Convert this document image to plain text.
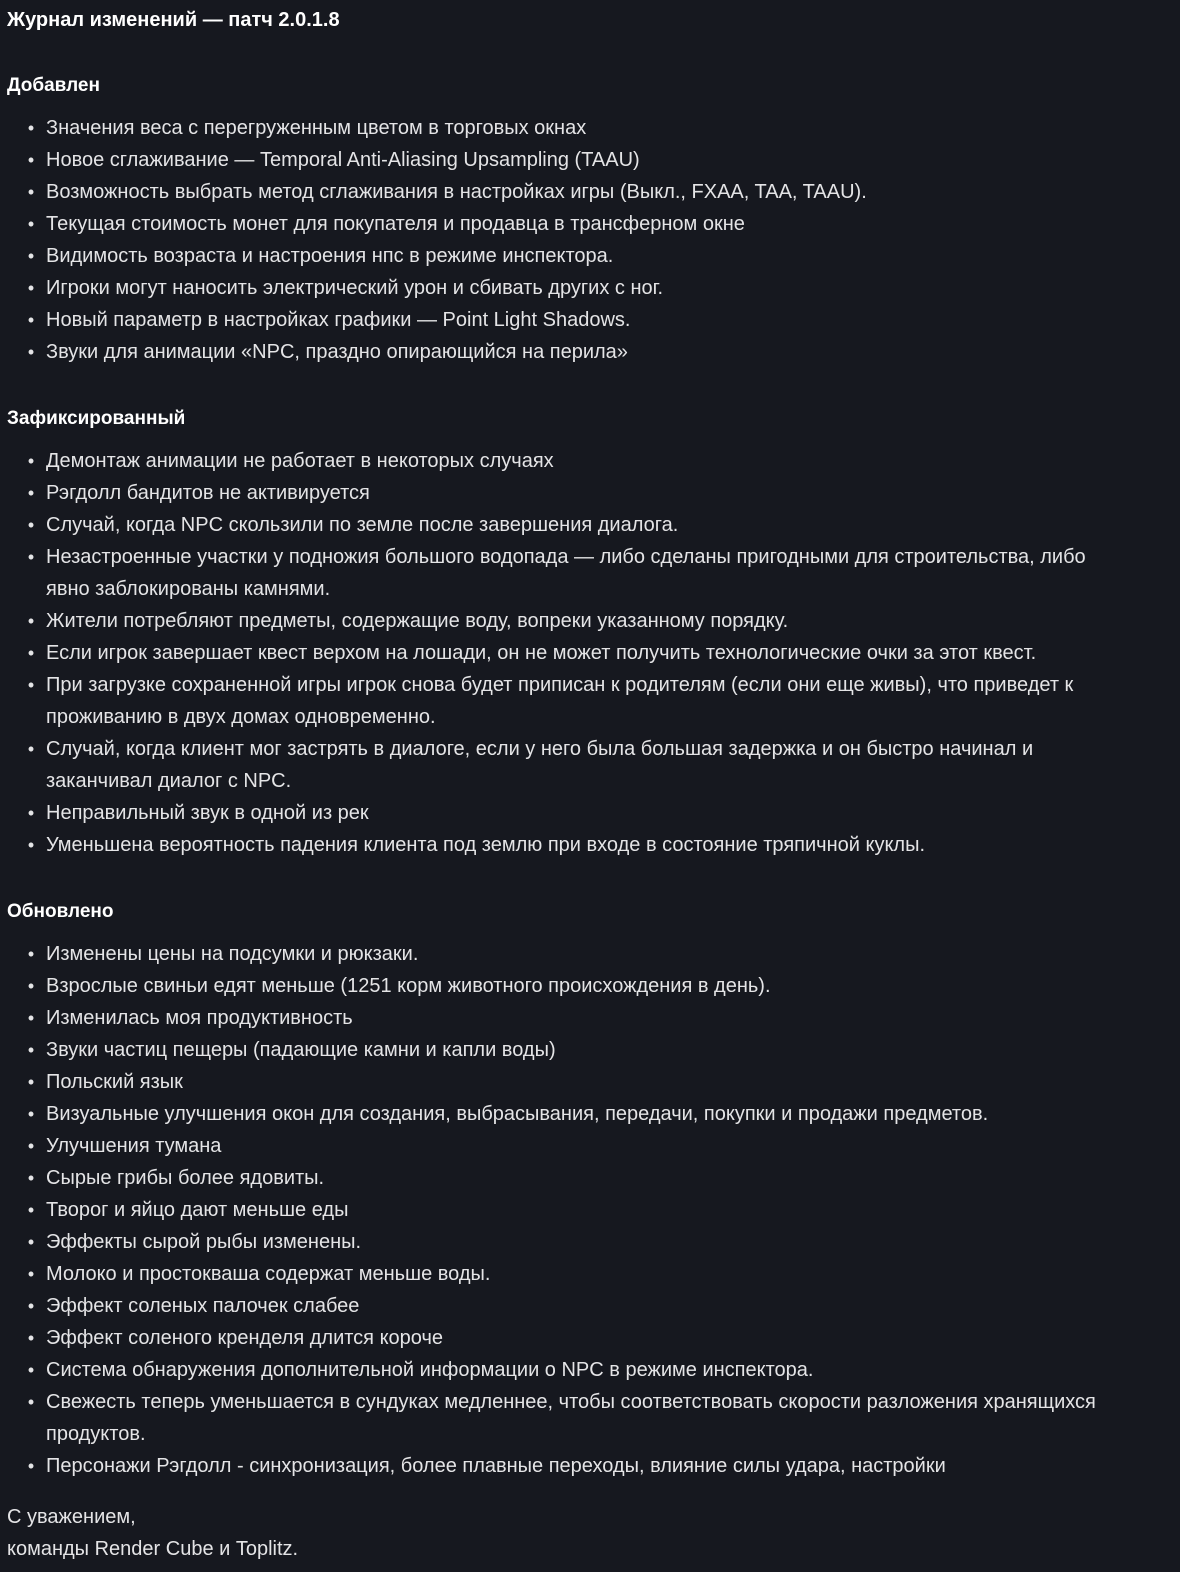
Журнал изменений — патч 2.0.1.8
Добавлен
• Значения веса с перегруженным цветом в торговых окнах
• Новое сглаживание — Temporal Anti-Aliasing Upsampling (TAAU)
• Возможность выбрать метод сглаживания в настройках игры (Выкл., FXAA, TAA, TAAU).
• Текущая стоимость монет для покупателя и продавца в трансферном окне
• Видимость возраста и настроения нпс в режиме инспектора.
• Игроки могут наносить электрический урон и сбивать других с ног.
• Новый параметр в настройках графики — Point Light Shadows.
• Звуки для анимации «NPC, праздно опирающийся на перила»
Зафиксированный
• Демонтаж анимации не работает в некоторых случаях
• Рэгдолл бандитов не активируется
• Случай, когда NPC скользили по земле после завершения диалога.
• Незастроенные участки у подножия большого водопада — либо сделаны пригодными для строительства, либо
явно заблокированы камнями.
• Жители потребляют предметы, содержащие воду, вопреки указанному порядку.
• Если игрок завершает квест верхом на лошади, он не может получить технологические очки за этот квест.
• При загрузке сохраненной игры игрок снова будет приписан к родителям (если они еще живы), что приведет к
проживанию в двух домах одновременно.
• Случай, когда клиент мог застрять в диалоге, если у него была большая задержка и он быстро начинал и
заканчивал диалог с NPC.
• Неправильный звук в одной из рек
• Уменьшена вероятность падения клиента под землю при входе в состояние тряпичной куклы.
Обновлено
• Изменены цены на подсумки и рюкзаки.
• Взрослые свиньи едят меньше (1251 корм животного происхождения в день).
• Изменилась моя продуктивность
• Звуки частиц пещеры (падающие камни и капли воды)
• Польский язык
• Визуальные улучшения окон для создания, выбрасывания, передачи, покупки и продажи предметов.
• Улучшения тумана
• Сырые грибы более ядовиты.
• Творог и яйцо дают меньше еды
• Эффекты сырой рыбы изменены.
• Молоко и простокваша содержат меньше воды.
• Эффект соленых палочек слабее
• Эффект соленого кренделя длится короче
• Система обнаружения дополнительной информации о NPC в режиме инспектора.
• Свежесть теперь уменьшается в сундуках медленнее, чтобы соответствовать скорости разложения хранящихся
продуктов.
• Персонажи Рэгдолл - синхронизация, более плавные переходы, влияние силы удара, настройки
С уважением,
команды Render Cube и Toplitz.
